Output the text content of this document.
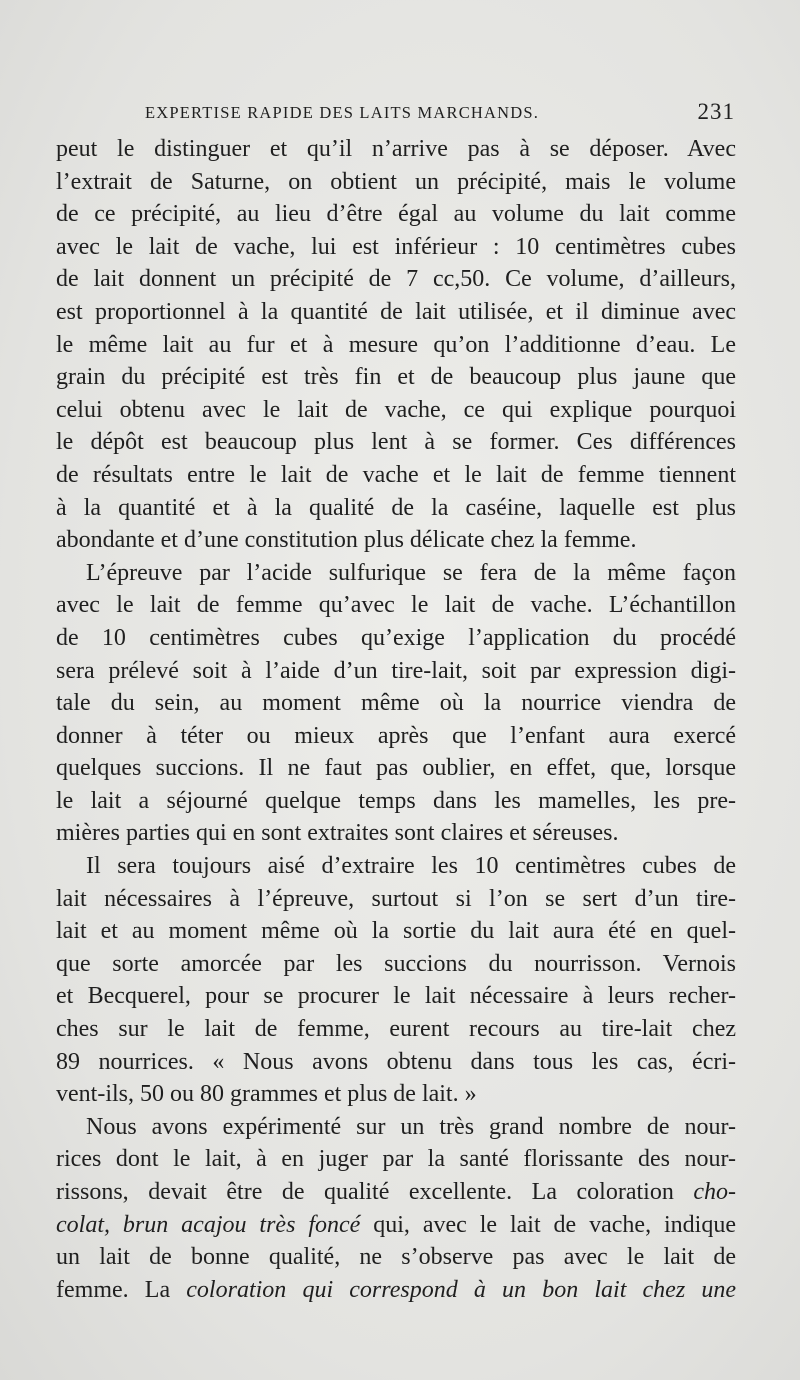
EXPERTISE RAPIDE DES LAITS MARCHANDS.	231
peut le distinguer et qu’il n’arrive pas à se déposer. Avec
l’extrait de Saturne, on obtient un précipité, mais le volume
de ce précipité, au lieu d’être égal au volume du lait comme
avec le lait de vache, lui est inférieur : 10 centimètres cubes
de lait donnent un précipité de 7 cc,50. Ce volume, d’ailleurs,
est proportionnel à la quantité de lait utilisée, et il diminue avec
le même lait au fur et à mesure qu’on l’additionne d’eau. Le
grain du précipité est très fin et de beaucoup plus jaune que
celui obtenu avec le lait de vache, ce qui explique pourquoi
le dépôt est beaucoup plus lent à se former. Ces différences
de résultats entre le lait de vache et le lait de femme tiennent
à la quantité et à la qualité de la caséine, laquelle est plus
abondante et d’une constitution plus délicate chez la femme.
L’épreuve par l’acide sulfurique se fera de la même façon
avec le lait de femme qu’avec le lait de vache. L’échantillon
de 10 centimètres cubes qu’exige l’application du procédé
sera prélevé soit à l’aide d’un tire-lait, soit par expression digi-
tale du sein, au moment même où la nourrice viendra de
donner à téter ou mieux après que l’enfant aura exercé
quelques succions. Il ne faut pas oublier, en effet, que, lorsque
le lait a séjourné quelque temps dans les mamelles, les pre-
mières parties qui en sont extraites sont claires et séreuses.
Il sera toujours aisé d’extraire les 10 centimètres cubes de
lait nécessaires à l’épreuve, surtout si l’on se sert d’un tire-
lait et au moment même où la sortie du lait aura été en quel-
que sorte amorcée par les succions du nourrisson. Vernois
et Becquerel, pour se procurer le lait nécessaire à leurs recher-
ches sur le lait de femme, eurent recours au tire-lait chez
89 nourrices. « Nous avons obtenu dans tous les cas, écri-
vent-ils, 50 ou 80 grammes et plus de lait. »
Nous avons expérimenté sur un très grand nombre de nour-
rices dont le lait, à en juger par la santé florissante des nour-
rissons, devait être de qualité excellente. La coloration cho-
colat, brun acajou très foncé qui, avec le lait de vache, indique
un lait de bonne qualité, ne s’observe pas avec le lait de
femme. La coloration qui correspond à un bon lait chez une
